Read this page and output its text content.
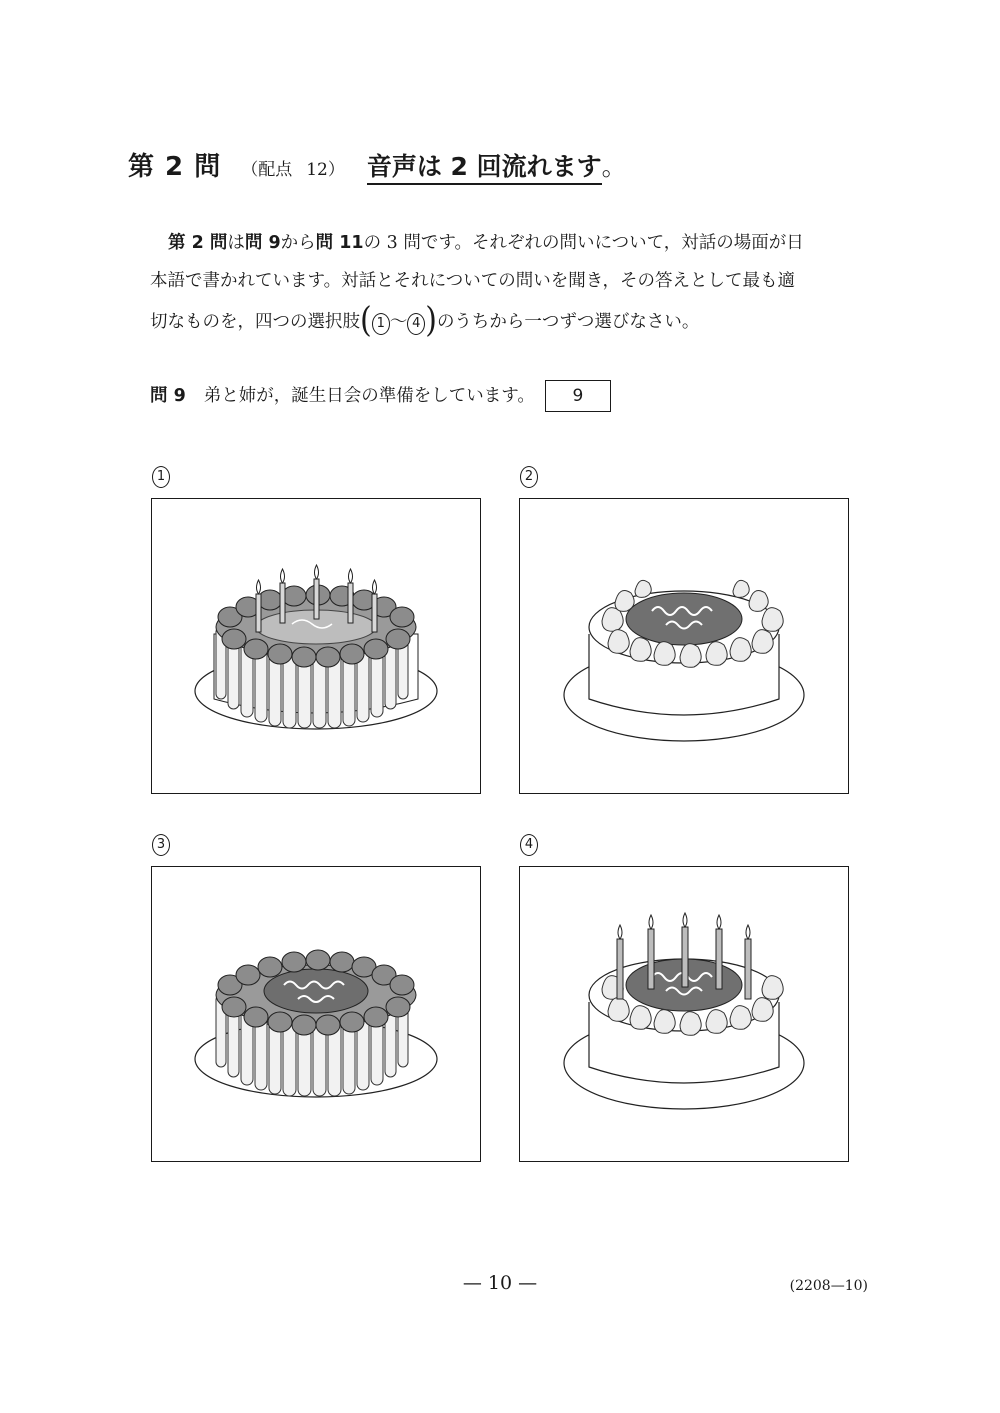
第 2 問 （配点 12） 音声は 2 回流れます 。
第 2 問は問 9から問 11の 3 問です。それぞれの問いについて，対話の場面が日
本語で書かれています。対話とそれについての問いを聞き，その答えとして最も適
切なものを，四つの選択肢( 1 ～ 4 )のうちから一つずつ選びなさい。
問 9 弟と姉が，誕生日会の準備をしています。	9
1	2
3	4
— 10 —	(2208—10)
